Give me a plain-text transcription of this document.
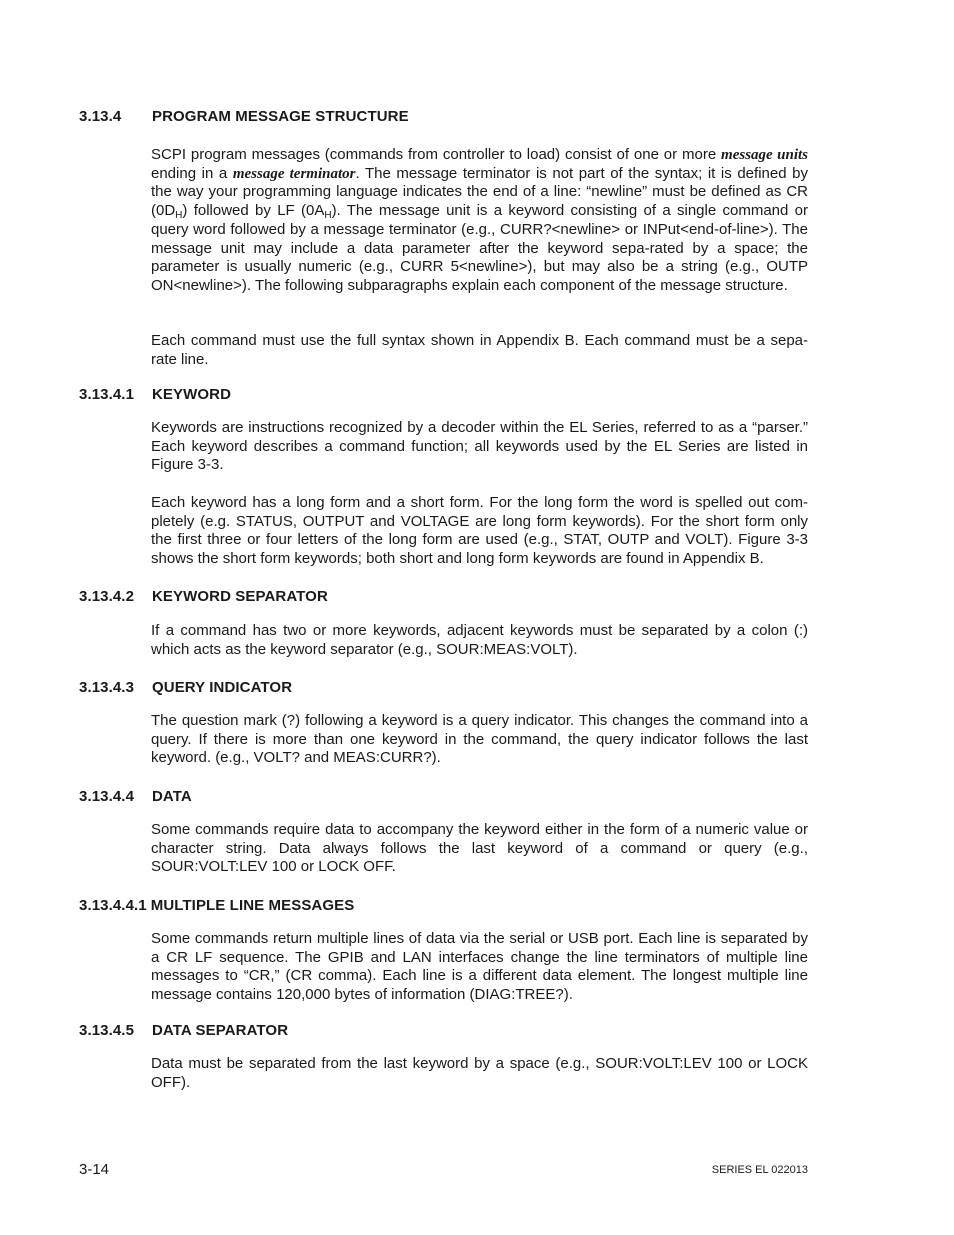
3.13.4 PROGRAM MESSAGE STRUCTURE

SCPI program messages (commands from controller to load) consist of one or more message units ending in a message terminator. The message terminator is not part of the syntax; it is defined by the way your programming language indicates the end of a line: “newline” must be defined as CR $(0D_H)$ followed by LF $(0A_H)$. The message unit is a keyword consisting of a single command or query word followed by a message terminator (e.g., CURR?<newline> or INPut<end-of-line>). The message unit may include a data parameter after the keyword sepa-rated by a space; the parameter is usually numeric (e.g., CURR 5<newline>), but may also be a string (e.g., OUTP ON<newline>). The following subparagraphs explain each component of the message structure.

Each command must use the full syntax shown in Appendix B. Each command must be a sepa-rate line.

3.13.4.1 KEYWORD

Keywords are instructions recognized by a decoder within the EL Series, referred to as a “parser.” Each keyword describes a command function; all keywords used by the EL Series are listed in Figure 3-3.

Each keyword has a long form and a short form. For the long form the word is spelled out com-pletely (e.g. STATUS, OUTPUT and VOLTAGE are long form keywords). For the short form only the first three or four letters of the long form are used (e.g., STAT, OUTP and VOLT). Figure 3-3 shows the short form keywords; both short and long form keywords are found in Appendix B.

3.13.4.2 KEYWORD SEPARATOR

If a command has two or more keywords, adjacent keywords must be separated by a colon (:) which acts as the keyword separator (e.g., SOUR:MEAS:VOLT).

3.13.4.3 QUERY INDICATOR

The question mark (?) following a keyword is a query indicator. This changes the command into a query. If there is more than one keyword in the command, the query indicator follows the last keyword. (e.g., VOLT? and MEAS:CURR?).

3.13.4.4 DATA

Some commands require data to accompany the keyword either in the form of a numeric value or character string. Data always follows the last keyword of a command or query (e.g., SOUR:VOLT:LEV 100 or LOCK OFF.

3.13.4.4.1 MULTIPLE LINE MESSAGES

Some commands return multiple lines of data via the serial or USB port. Each line is separated by a CR LF sequence. The GPIB and LAN interfaces change the line terminators of multiple line messages to “CR,” (CR comma). Each line is a different data element. The longest multiple line message contains 120,000 bytes of information (DIAG:TREE?).

3.13.4.5 DATA SEPARATOR

Data must be separated from the last keyword by a space (e.g., SOUR:VOLT:LEV 100 or LOCK OFF).

3-14	SERIES EL 022013
